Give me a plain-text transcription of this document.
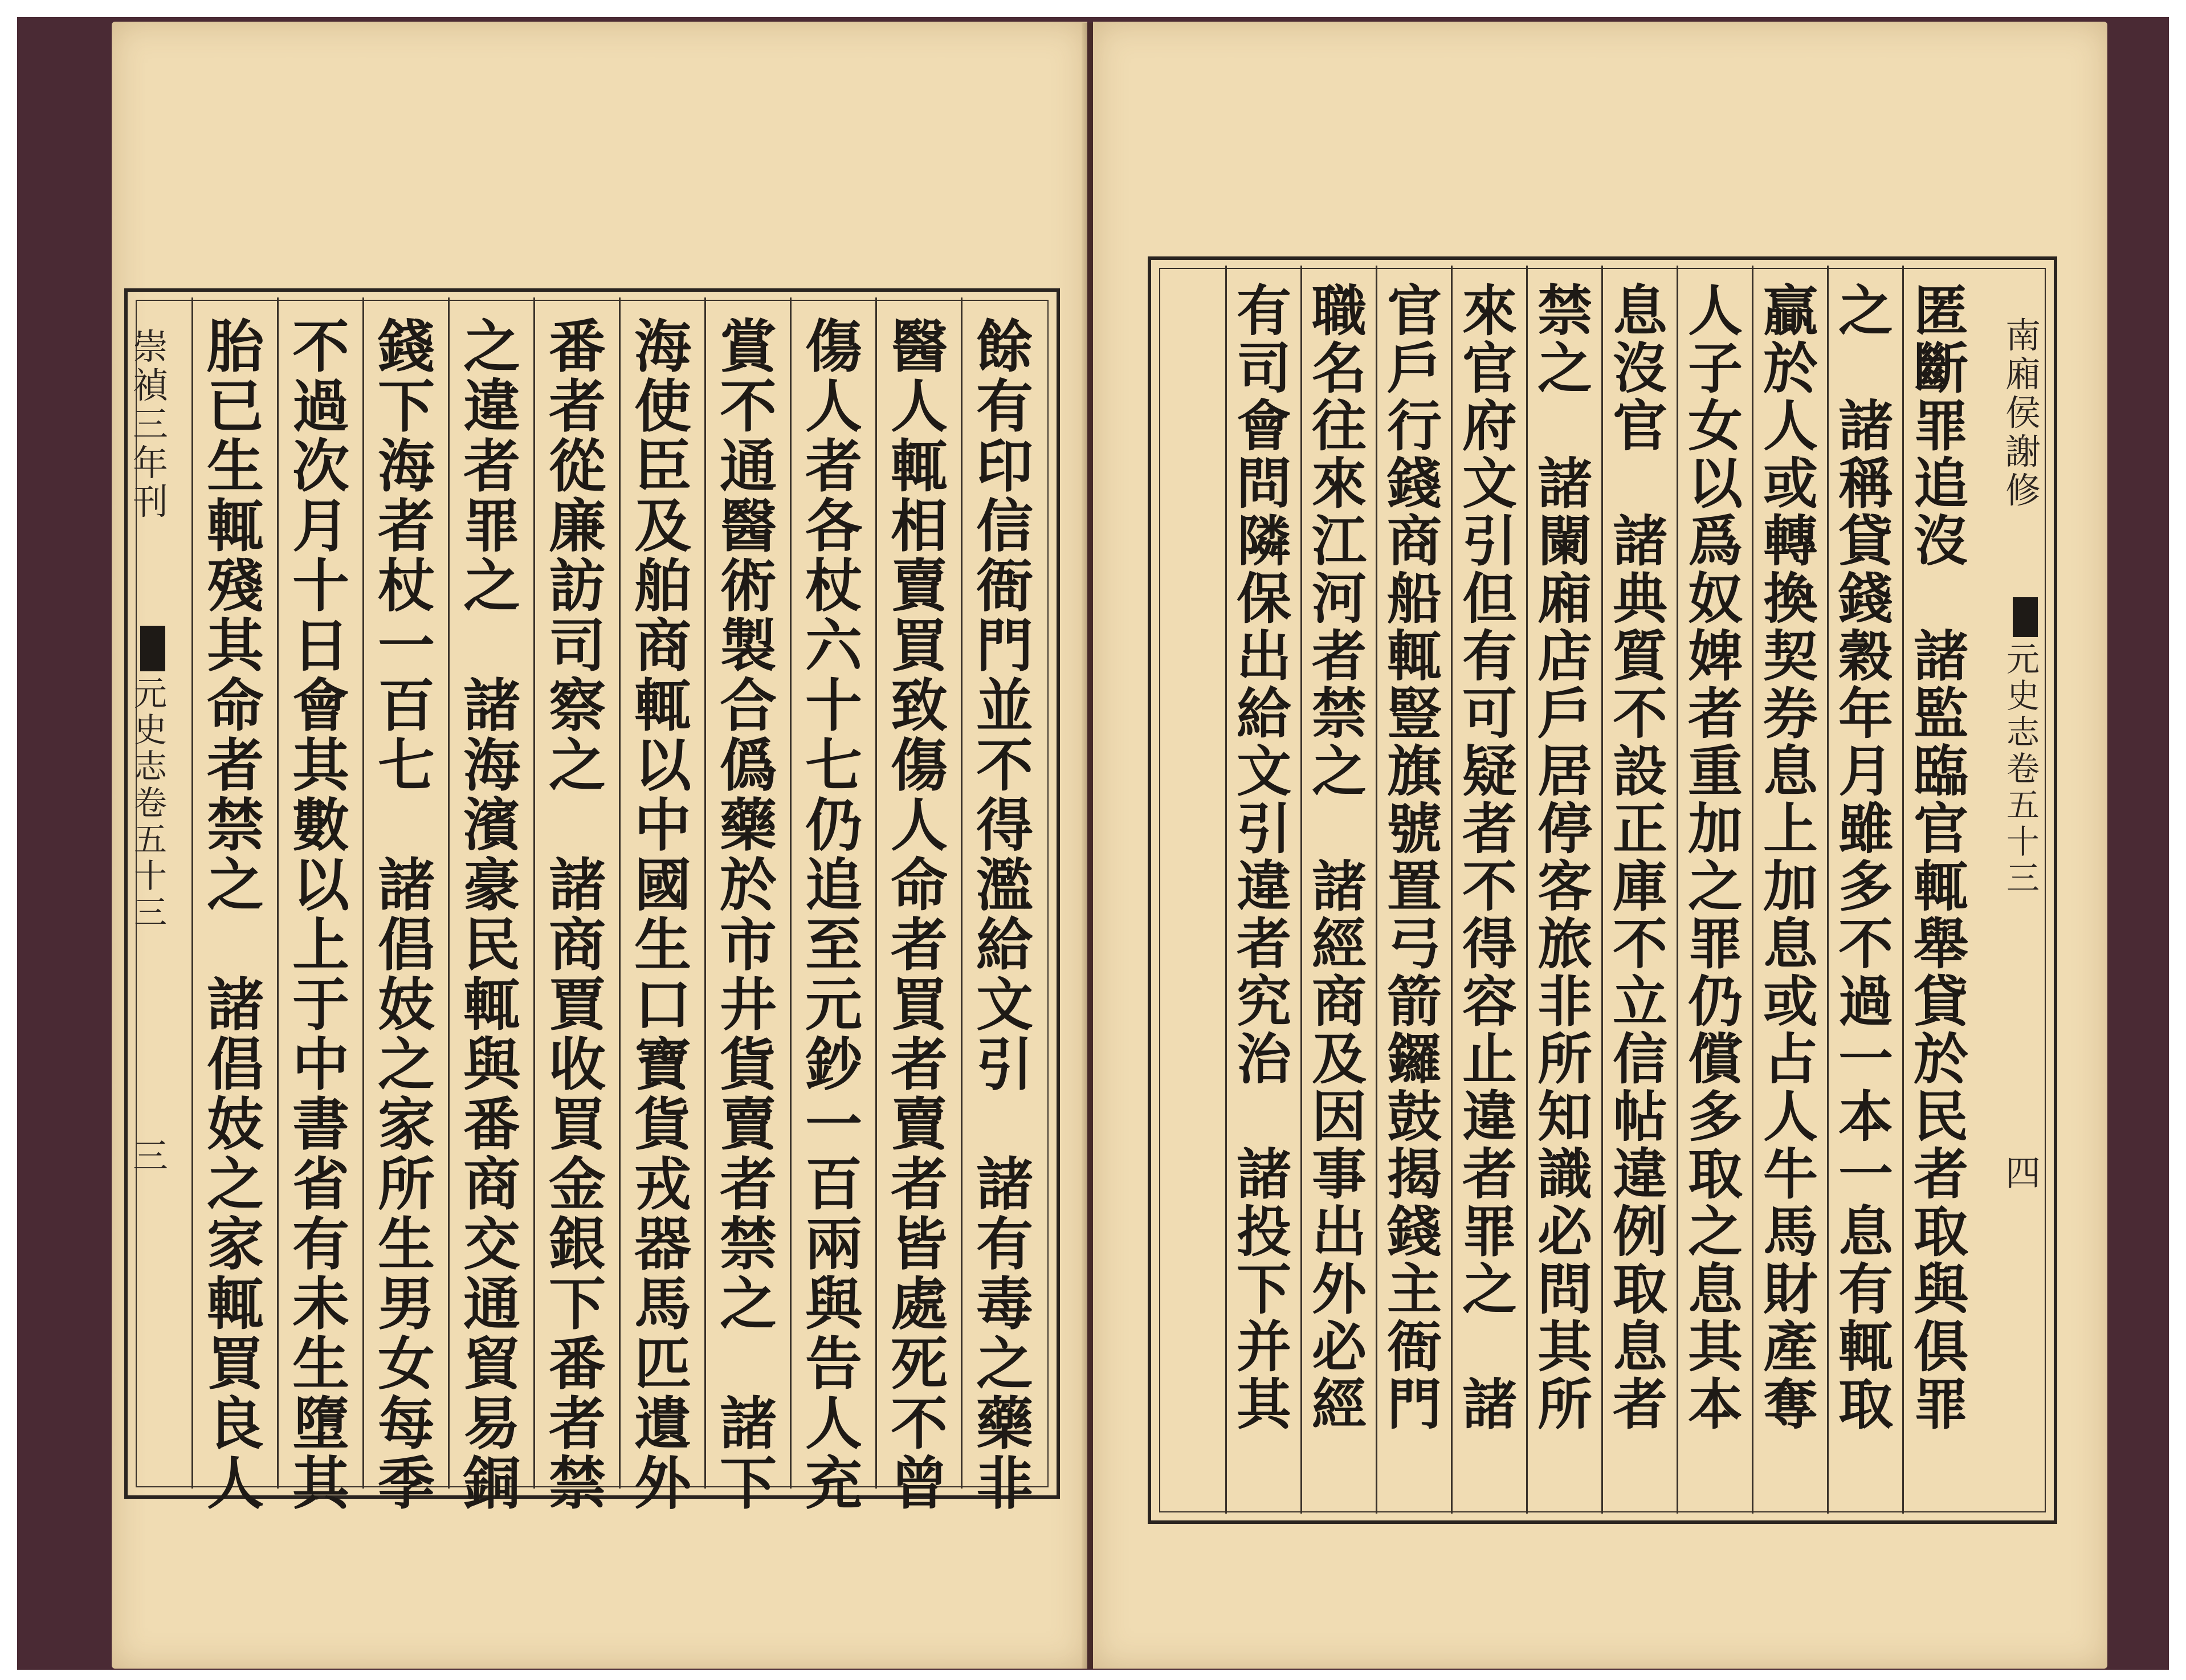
餘
有
印
信
衙
門
並
不
得
濫
給
文
引

諸
有
毒
之
藥
非
醫
人
輒
相
賣
買
致
傷
人
命
者
買
者
賣
者
皆
處
死
不
曾
傷
人
者
各
杖
六
十
七
仍
追
至
元
鈔
一
百
兩
與
告
人
充
賞
不
通
醫
術
製
合
僞
藥
於
市
井
貨
賣
者
禁
之

諸
下
海
使
臣
及
舶
商
輒
以
中
國
生
口
寶
貨
戎
器
馬
匹
遺
外
番
者
從
廉
訪
司
察
之

諸
商
賈
收
買
金
銀
下
番
者
禁
之
違
者
罪
之

諸
海
濱
豪
民
輒
與
番
商
交
通
貿
易
銅
錢
下
海
者
杖
一
百
七

諸
倡
妓
之
家
所
生
男
女
每
季
不
過
次
月
十
日
會
其
數
以
上
于
中
書
省
有
未
生
墮
其
胎
已
生
輒
殘
其
命
者
禁
之

諸
倡
妓
之
家
輒
買
良
人
崇
禎
三
年
刊
元
史
志
卷
五
十
三
三
匿
斷
罪
追
沒

諸
監
臨
官
輒
舉
貸
於
民
者
取
與
俱
罪
之

諸
稱
貸
錢
穀
年
月
雖
多
不
過
一
本
一
息
有
輒
取
贏
於
人
或
轉
換
契
券
息
上
加
息
或
占
人
牛
馬
財
產
奪
人
子
女
以
爲
奴
婢
者
重
加
之
罪
仍
償
多
取
之
息
其
本
息
沒
官

諸
典
質
不
設
正
庫
不
立
信
帖
違
例
取
息
者
禁
之

諸
闌
廂
店
戶
居
停
客
旅
非
所
知
識
必
問
其
所
來
官
府
文
引
但
有
可
疑
者
不
得
容
止
違
者
罪
之

諸
官
戶
行
錢
商
船
輒
豎
旗
號
置
弓
箭
鑼
鼓
揭
錢
主
衙
門
職
名
往
來
江
河
者
禁
之

諸
經
商
及
因
事
出
外
必
經
有
司
會
問
隣
保
出
給
文
引
違
者
究
治

諸
投
下
并
其
南
廂
侯
謝
修
元
史
志
卷
五
十
三
四
